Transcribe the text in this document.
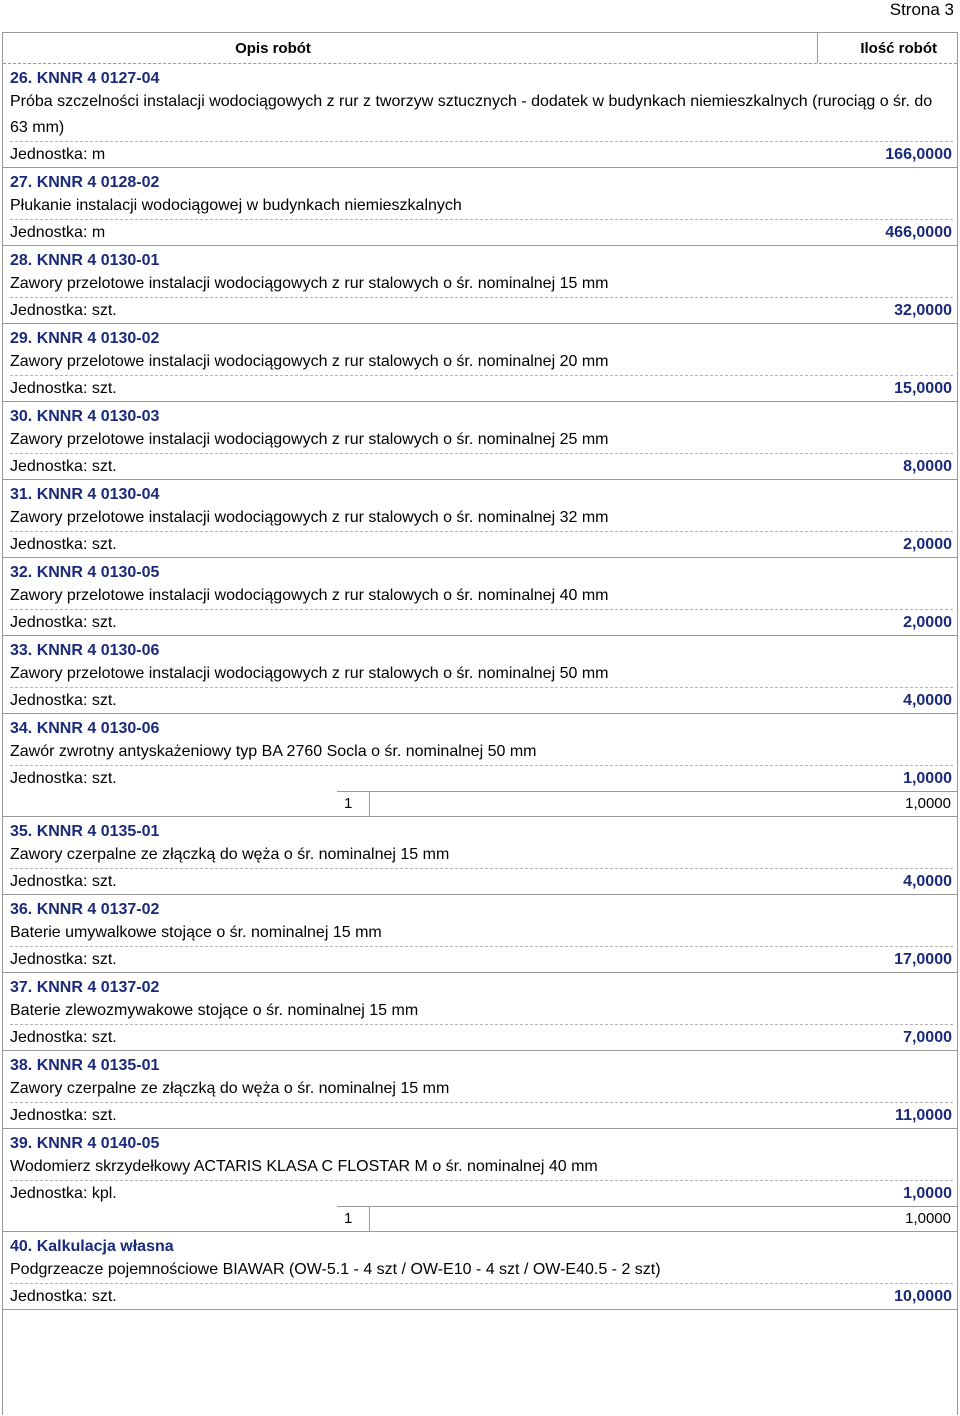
Strona 3
Opis robót	Ilość robót
26. KNNR 4 0127-04
Próba szczelności instalacji wodociągowych z rur z tworzyw sztucznych - dodatek w budynkach niemieszkalnych (rurociąg o śr. do 63 mm)
Jednostka: m	166,0000
27. KNNR 4 0128-02
Płukanie instalacji wodociągowej w budynkach niemieszkalnych
Jednostka: m	466,0000
28. KNNR 4 0130-01
Zawory przelotowe instalacji wodociągowych z rur stalowych o śr. nominalnej 15 mm
Jednostka: szt.	32,0000
29. KNNR 4 0130-02
Zawory przelotowe instalacji wodociągowych z rur stalowych o śr. nominalnej 20 mm
Jednostka: szt.	15,0000
30. KNNR 4 0130-03
Zawory przelotowe instalacji wodociągowych z rur stalowych o śr. nominalnej 25 mm
Jednostka: szt.	8,0000
31. KNNR 4 0130-04
Zawory przelotowe instalacji wodociągowych z rur stalowych o śr. nominalnej 32 mm
Jednostka: szt.	2,0000
32. KNNR 4 0130-05
Zawory przelotowe instalacji wodociągowych z rur stalowych o śr. nominalnej 40 mm
Jednostka: szt.	2,0000
33. KNNR 4 0130-06
Zawory przelotowe instalacji wodociągowych z rur stalowych o śr. nominalnej 50 mm
Jednostka: szt.	4,0000
34. KNNR 4 0130-06
Zawór zwrotny antyskażeniowy typ BA 2760 Socla o śr. nominalnej 50 mm
Jednostka: szt.	1,0000
1	1,0000
35. KNNR 4 0135-01
Zawory czerpalne ze złączką do węża o śr. nominalnej 15 mm
Jednostka: szt.	4,0000
36. KNNR 4 0137-02
Baterie umywalkowe stojące o śr. nominalnej 15 mm
Jednostka: szt.	17,0000
37. KNNR 4 0137-02
Baterie zlewozmywakowe stojące o śr. nominalnej 15 mm
Jednostka: szt.	7,0000
38. KNNR 4 0135-01
Zawory czerpalne ze złączką do węża o śr. nominalnej 15 mm
Jednostka: szt.	11,0000
39. KNNR 4 0140-05
Wodomierz skrzydełkowy ACTARIS KLASA C FLOSTAR M o śr. nominalnej 40 mm
Jednostka: kpl.	1,0000
1	1,0000
40. Kalkulacja własna
Podgrzeacze pojemnościowe BIAWAR (OW-5.1 - 4 szt / OW-E10 - 4 szt / OW-E40.5 - 2 szt)
Jednostka: szt.	10,0000
